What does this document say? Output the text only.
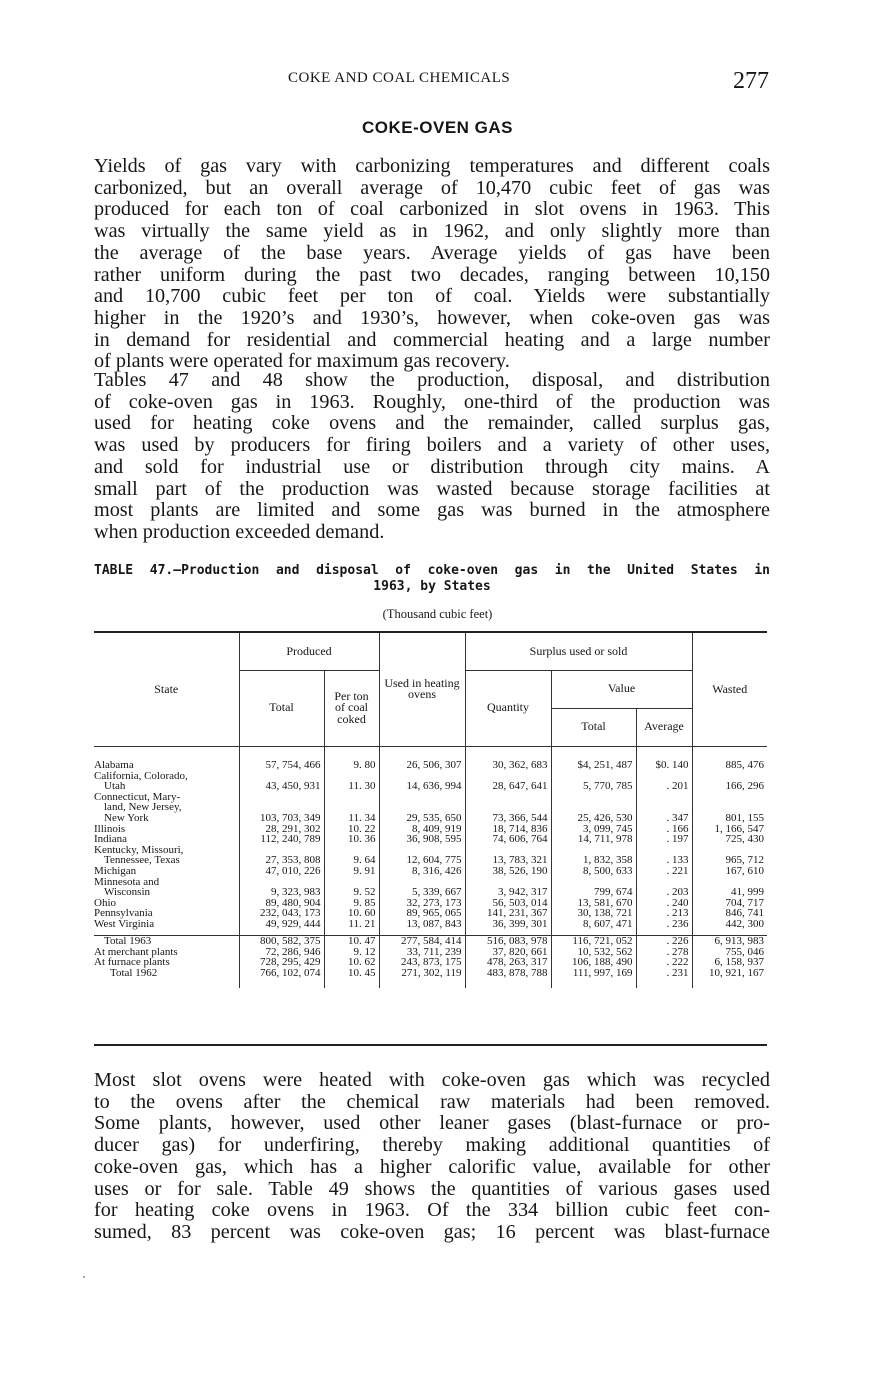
COKE AND COAL CHEMICALS	277
COKE-OVEN GAS
Yields of gas vary with carbonizing temperatures and different coals
carbonized, but an overall average of 10,470 cubic feet of gas was
produced for each ton of coal carbonized in slot ovens in 1963. This
was virtually the same yield as in 1962, and only slightly more than
the average of the base years. Average yields of gas have been
rather uniform during the past two decades, ranging between 10,150
and 10,700 cubic feet per ton of coal. Yields were substantially
higher in the 1920’s and 1930’s, however, when coke-oven gas was
in demand for residential and commercial heating and a large number
of plants were operated for maximum gas recovery.
Tables 47 and 48 show the production, disposal, and distribution
of coke-oven gas in 1963. Roughly, one-third of the production was
used for heating coke ovens and the remainder, called surplus gas,
was used by producers for firing boilers and a variety of other uses,
and sold for industrial use or distribution through city mains. A
small part of the production was wasted because storage facilities at
most plants are limited and some gas was burned in the atmosphere
when production exceeded demand.
TABLE 47.—Production and disposal of coke-oven gas in the United States in
1963, by States
(Thousand cubic feet)
State	Produced		Used in heating ovens	Surplus used or sold			Wasted
	Total	Per ton of coal coked		Quantity	Value		
					Total	Average	

Alabama	57, 754, 466	9. 80	26, 506, 307	30, 362, 683	$4, 251, 487	$0. 140	885, 476
California, Colorado,							
Utah	43, 450, 931	11. 30	14, 636, 994	28, 647, 641	5, 770, 785	. 201	166, 296
Connecticut, Mary-							
land, New Jersey,							
New York	103, 703, 349	11. 34	29, 535, 650	73, 366, 544	25, 426, 530	. 347	801, 155
Illinois	28, 291, 302	10. 22	8, 409, 919	18, 714, 836	3, 099, 745	. 166	1, 166, 547
Indiana	112, 240, 789	10. 36	36, 908, 595	74, 606, 764	14, 711, 978	. 197	725, 430
Kentucky, Missouri,							
Tennessee, Texas	27, 353, 808	9. 64	12, 604, 775	13, 783, 321	1, 832, 358	. 133	965, 712
Michigan	47, 010, 226	9. 91	8, 316, 426	38, 526, 190	8, 500, 633	. 221	167, 610
Minnesota and							
Wisconsin	9, 323, 983	9. 52	5, 339, 667	3, 942, 317	799, 674	. 203	41, 999
Ohio	89, 480, 904	9. 85	32, 273, 173	56, 503, 014	13, 581, 670	. 240	704, 717
Pennsylvania	232, 043, 173	10. 60	89, 965, 065	141, 231, 367	30, 138, 721	. 213	846, 741
West Virginia	49, 929, 444	11. 21	13, 087, 843	36, 399, 301	8, 607, 471	. 236	442, 300

Total 1963	800, 582, 375	10. 47	277, 584, 414	516, 083, 978	116, 721, 052	. 226	6, 913, 983
At merchant plants	72, 286, 946	9. 12	33, 711, 239	37, 820, 661	10, 532, 562	. 278	755, 046
At furnace plants	728, 295, 429	10. 62	243, 873, 175	478, 263, 317	106, 188, 490	. 222	6, 158, 937
Total 1962	766, 102, 074	10. 45	271, 302, 119	483, 878, 788	111, 997, 169	. 231	10, 921, 167

Most slot ovens were heated with coke-oven gas which was recycled
to the ovens after the chemical raw materials had been removed.
Some plants, however, used other leaner gases (blast-furnace or pro-
ducer gas) for underfiring, thereby making additional quantities of
coke-oven gas, which has a higher calorific value, available for other
uses or for sale. Table 49 shows the quantities of various gases used
for heating coke ovens in 1963. Of the 334 billion cubic feet con-
sumed, 83 percent was coke-oven gas; 16 percent was blast-furnace
